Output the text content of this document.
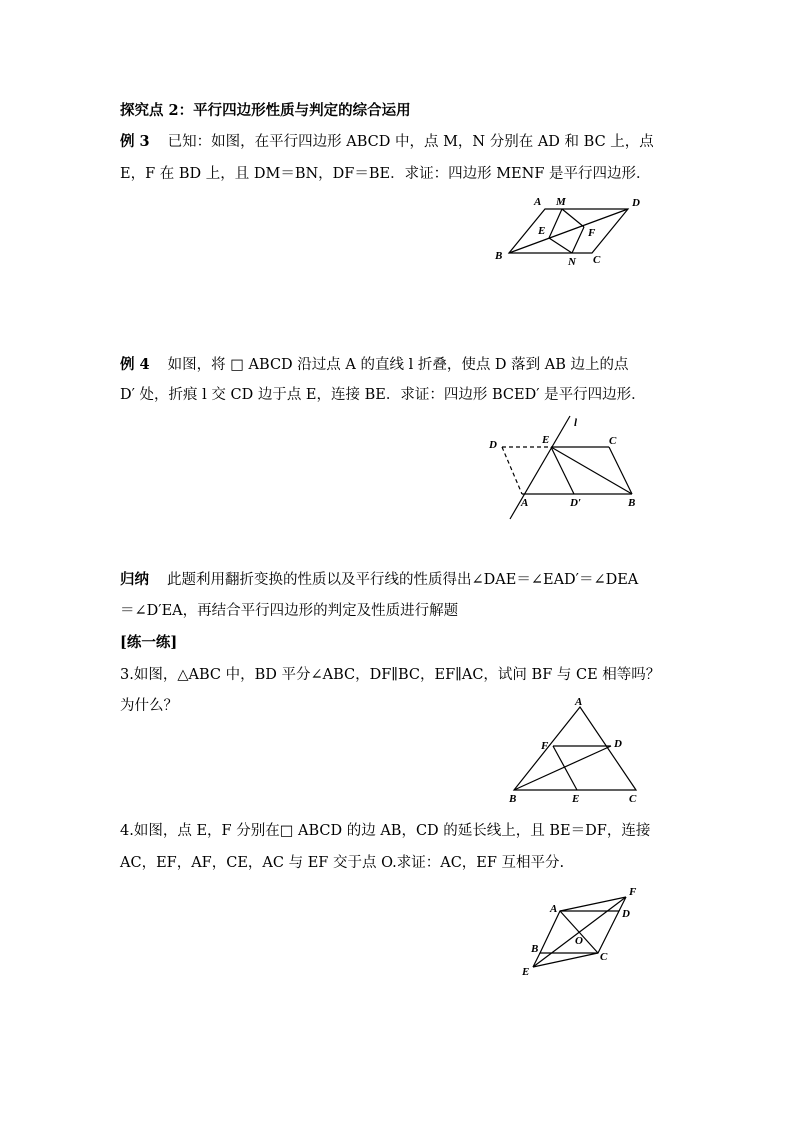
探究点 2：平行四边形性质与判定的综合运用
例 3 已知：如图，在平行四边形 ABCD 中，点 M，N 分别在 AD 和 BC 上，点
E，F 在 BD 上，且 DM＝BN，DF＝BE．求证：四边形 MENF 是平行四边形．
A M	D
E	F
B	N C
l
D	E	C
A	D′	B
A
F	D
B	E	C
F
A	D
O
B
C
E
例 4 如图，将 □ ABCD 沿过点 A 的直线 l 折叠，使点 D 落到 AB 边上的点
D′ 处，折痕 l 交 CD 边于点 E，连接 BE．求证：四边形 BCED′ 是平行四边形．
归纳 此题利用翻折变换的性质以及平行线的性质得出∠DAE＝∠EAD′＝∠DEA
＝∠D′EA，再结合平行四边形的判定及性质进行解题
[练一练]
3.如图，△ABC 中，BD 平分∠ABC，DF∥BC，EF∥AC，试问 BF 与 CE 相等吗？
为什么？
4.如图，点 E，F 分别在□ ABCD 的边 AB，CD 的延长线上，且 BE＝DF，连接
AC，EF，AF，CE，AC 与 EF 交于点 O.求证：AC，EF 互相平分.
